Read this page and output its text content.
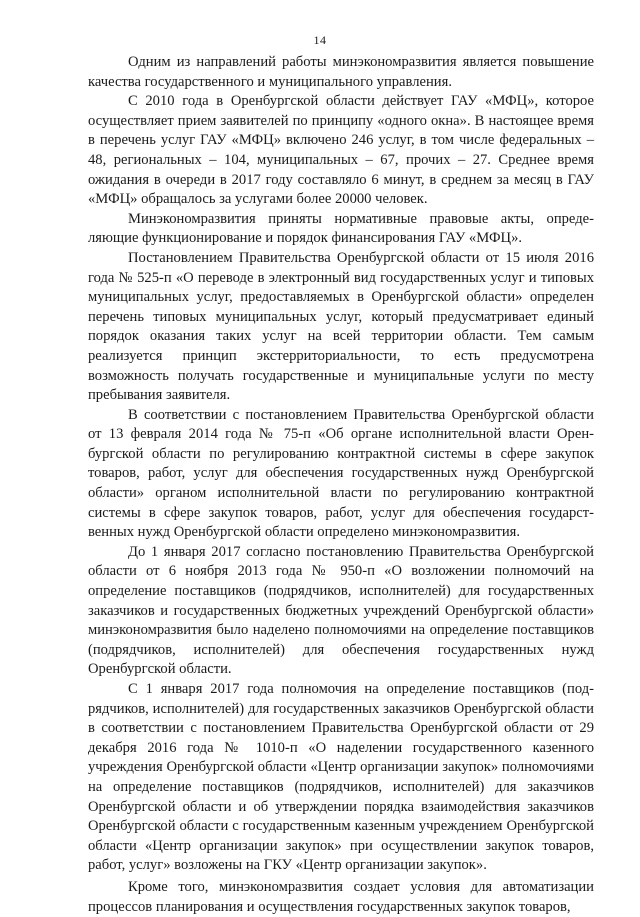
14

Одним из направлений работы минэкономразвития является повышение качества государственного и муниципального управления.

С 2010 года в Оренбургской области действует ГАУ «МФЦ», которое осуществляет прием заявителей по принципу «одного окна». В настоящее время в перечень услуг ГАУ «МФЦ» включено 246 услуг, в том числе федеральных – 48, региональных – 104, муниципальных – 67, прочих – 27. Среднее время ожидания в очереди в 2017 году составляло 6 минут, в среднем за месяц в ГАУ «МФЦ» обращалось за услугами более 20000 человек.

Минэкономразвития приняты нормативные правовые акты, определяющие функционирование и порядок финансирования ГАУ «МФЦ».

Постановлением Правительства Оренбургской области от 15 июля 2016 года № 525-п «О переводе в электронный вид государственных услуг и типовых муниципальных услуг, предоставляемых в Оренбургской области» определен перечень типовых муниципальных услуг, который предусматривает единый порядок оказания таких услуг на всей территории области. Тем самым реализуется принцип экстерриториальности, то есть предусмотрена возможность получать государственные и муниципальные услуги по месту пребывания заявителя.

В соответствии с постановлением Правительства Оренбургской области от 13 февраля 2014 года № 75-п «Об органе исполнительной власти Оренбургской области по регулированию контрактной системы в сфере закупок товаров, работ, услуг для обеспечения государственных нужд Оренбургской области» органом исполнительной власти по регулированию контрактной системы в сфере закупок товаров, работ, услуг для обеспечения государственных нужд Оренбургской области определено минэкономразвития.

До 1 января 2017 согласно постановлению Правительства Оренбургской области от 6 ноября 2013 года № 950-п «О возложении полномочий на определение поставщиков (подрядчиков, исполнителей) для государственных заказчиков и государственных бюджетных учреждений Оренбургской области» минэкономразвития было наделено полномочиями на определение поставщиков (подрядчиков, исполнителей) для обеспечения государственных нужд Оренбургской области.

С 1 января 2017 года полномочия на определение поставщиков (подрядчиков, исполнителей) для государственных заказчиков Оренбургской области в соответствии с постановлением Правительства Оренбургской области от 29 декабря 2016 года № 1010-п «О наделении государственного казенного учреждения Оренбургской области «Центр организации закупок» полномочиями на определение поставщиков (подрядчиков, исполнителей) для заказчиков Оренбургской области и об утверждении порядка взаимодействия заказчиков Оренбургской области с государственным казенным учреждением Оренбургской области «Центр организации закупок» при осуществлении закупок товаров, работ, услуг» возложены на ГКУ «Центр организации закупок».

Кроме того, минэкономразвития создает условия для автоматизации процессов планирования и осуществления государственных закупок товаров,
